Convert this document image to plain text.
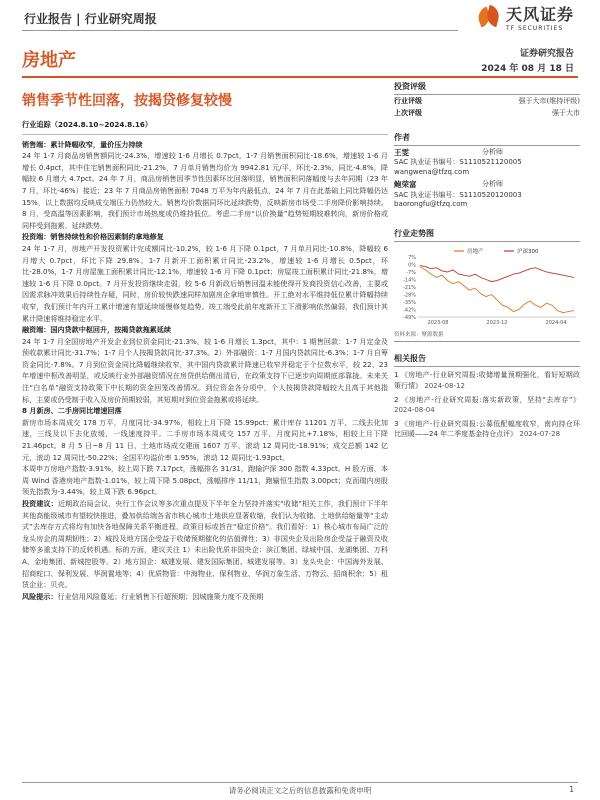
行业报告 | 行业研究周报	天风证券
TF SECURITIES
房地产	证券研究报告
2024 年 08 月 18 日
销售季节性回落，按揭贷修复较慢
行业追踪（2024.8.10~2024.8.16）

销售端：累计降幅收窄，量价压力持续

24 年 1-7 月商品房销售额同比-24.3%，增速较 1-6 月增长 0.7pct，1-7 月销售面积同比-18.6%，增速较 1-6 月增长 0.4pct，其中住宅销售面积同比-21.2%，7 月单月销售均价为 9942.81 元/平，环比-2.3%，同比-4.8%，降幅较 6 月增大 4.7pct。24 年 7 月，商品房销售因季节性因素环比回落明显，销售面积同落幅度与去年同期（23 年 7 月，环比-46%）接近；23 年 7 月商品房销售面积 7048 万平为年内最低点，24 年 7 月在此基础上同比降幅仍达 15%，以上数据均反映成交端压力仍然较大。销售均价数据同环比延续跌势，反映新房市场受二手房降价影响持续。8 月，受高温等因素影响，我们预计市场热度或仍维持低位。考虑二手房“以价换量”趋势短期较难转向，新房价格或同样受到拖累、延续跌势。

投资端：销售持续性和价格因素制约拿地修复

24 年 1-7 月，房地产开发投资累计完成额同比-10.2%，较 1-6 月下降 0.1pct，7 月单月同比-10.8%，降幅较 6 月增大 0.7pct，环比下降 29.8%。1-7 月新开工面积累计同比-23.2%，增速较 1-6 月增长 0.5pct，环比-28.0%，1-7 月房屋施工面积累计同比-12.1%，增速较 1-6 月下降 0.1pct；房屋竣工面积累计同比-21.8%，增速较 1-6 月下降 0.0pct。7 月开发投资继续走弱，较 5-6 月新政后销售回温未能使得开发商投资信心改善，主要或因需求脉冲效果后持续性存疑，同时，房价较快跌速同样加剧房企拿地审慎性。开工绝对水平维持低位累计降幅持续收窄，我们预计年内开工累计增速有望延续缓慢修复趋势。竣工端受此前年度新开工下滑影响依然偏弱，我们预计其累计降速将维持稳定水平。

融资端：国内贷款中枢回升，按揭贷款拖累延续

24 年 1-7 月全国房地产开发企业到位资金同比-21.3%，较 1-6 月增长 1.3pct，其中：1 期售回款：1-7 月定金及预收款累计同比-31.7%；1-7 月个人按揭贷款同比-37.3%。2）外部融资：1-7 月国内贷款同比-6.3%；1-7 月自筹资金同比-7.8%。7 月到位资金同比降幅继续收窄，其中国内贷款累计降速已收窄并稳定于个位数水平，较 22、23 年增速中枢改善明显，或反映行业外部融资情况在房贷供给侧出清后，在政策支持下已逐步向周期底部靠拢。未来关注“白名单”融资支持政策下中长期的资金回笼改善情况。到位资金各分项中，个人按揭贷款降幅较大且高于其他指标，主要或仍受制于收入及房价预期较弱，其短期对到位资金拖累或将延续。

8 月新房、二手房同比增速回落

新房市场本周成交 178 万平，月度同比-34.97%，相较上月下降 15.99pct；累计库存 11201 万平，二线去化加速，三线及以下去化放缓，一线速度持平。二手房市场本周成交 157 万平，月度同比+7.18%，相较上月下降 21.46pct。8 月 5 日~8 月 11 日，土地市场成交建面 1607 万平，滚动 12 周同比-18.91%；成交总额 142 亿元，滚动 12 周同比-50.22%；全国平均溢价率 1.95%，滚动 12 周同比-1.93pct。

本周申万房地产指数-3.91%，较上周下跌 7.17pct，涨幅排名 31/31，跑输沪深 300 指数 4.33pct。H 股方面，本周 Wind 香港房地产指数-1.01%，较上周下降 5.08pct，涨幅排序 11/11，跑输恒生指数 3.00pct；克而瑞内房股领先指数为-3.44%，较上周下跌 6.96pct。

投资建议：近期政治局会议、央行工作会议等多次重点提及下半年全力坚持并落实“收储”相关工作，我们预计下半年其他高能级城市有望较快推进，叠加供给端各省市核心城市土地供应显著收缩，我们认为收储、土地供给缩量等“主动式”去库存方式将均有加快各地保障关系平衡进程，政策目标或旨在“稳定价格”。我们看好：1）核心城市布局广泛的龙头房企的周期韧性；2）城投及地方国企受益于收储预期催化的估值弹性；3）非国央企及出险房企受益于融资及收储等多重支持下的反转机遇。标的方面，建议关注 1）未出险优质非国央企：滨江集团、绿城中国、龙湖集团、万科 A、金地集团、新城控股等。2）地方国企：城建发展、建发国际集团、城建发展等。3）龙头央企：中国海外发展、招商蛇口、保利发展、华润置地等；4）优质物管：中海物业、保利物业、华润万象生活、万物云、招商积余；5）租赁企业：贝壳。

风险提示：行业信用风险蔓延；行业销售下行超预期；因城施策力度不及预期

投资评级
行业评级	强于大市(维持评级)
上次评级	强于大市
作者
王雯	分析师
SAC 执业证书编号：S1110521120005
wangwena@tfzq.com
鲍荣富	分析师
SAC 执业证书编号：S1110520120003
baorongfu@tfzq.com
行业走势图
7%
0%
-7%
-14%
-21%
-28%
-35%
-42%
-49%
2023-08	2023-12	2024-04
房地产	沪深300
资料来源：聚源数据
相关报告
1 《房地产-行业研究周报:收储增量预期强化，看好短期政策行情》 2024-08-12
2 《房地产-行业研究周报:落实新政策，坚持“去库存”》 2024-08-04
3 《房地产-行业研究周报:公募低配幅度收窄，南向持仓环比回暖——24 年二季度基金持仓点评》 2024-07-28
请务必阅读正文之后的信息披露和免责申明	1
